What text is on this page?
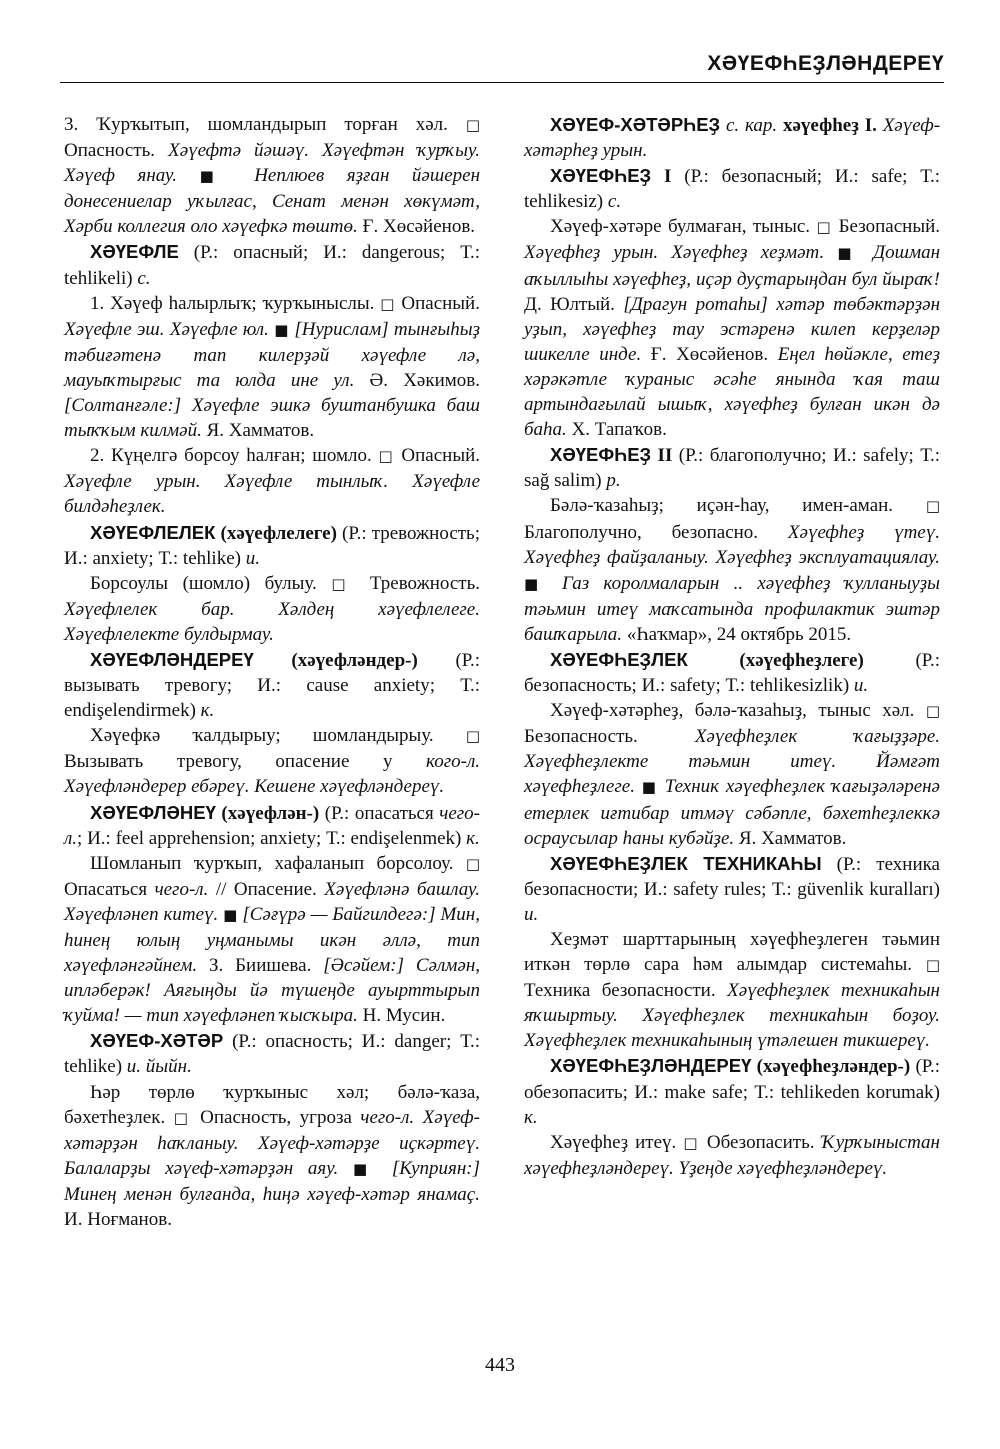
ХӘҮЕФҺЕҘЛӘНДЕРЕҮ

3. Ҡурҡытып, шомландырып торған хәл. □ Опасность. Хәүефтә йәшәү. Хәүефтән ҡурҡыу. Хәүеф янау. ■ Неплюев яҙған йәшерен донесениелар уҡылғас, Сенат менән хөкүмәт, Хәрби коллегия оло хәүефкә төштө. Ғ. Хөсәйенов.

ХӘҮЕФЛЕ (Р.: опасный; И.: dangerous; Т.: tehlikeli) с.

1. Хәүеф һалырлыҡ; ҡурҡыныслы. □ Опасный. Хәүефле эш. Хәүефле юл. ■ [Нурислам] тынғыһыҙ тәбиғәтенә тап килерҙәй хәүефле лә, мауыҡтырғыс та юлда ине ул. Ә. Хәкимов. [Солтанғәле:] Хәүефле эшкә буштанбушка баш тыҡҡым килмәй. Я. Хамматов.

2. Күңелгә борсоу һалған; шомло. □ Опасный. Хәүефле урын. Хәүефле тынлыҡ. Хәүефле билдәһеҙлек.

ХӘҮЕФЛЕЛЕК (хәүефлелеге) (Р.: тревожность; И.: anxiety; Т.: tehlike) и.

Борсоулы (шомло) булыу. □ Тревожность. Хәүефлелек бар. Хәлдең хәүефлелеге. Хәүефлелекте булдырмау.

ХӘҮЕФЛӘНДЕРЕҮ (хәүефләндер-) (Р.: вызывать тревогу; И.: cause anxiety; Т.: endişelendirmek) к.

Хәүефкә ҡалдырыу; шомландырыу. □ Вызывать тревогу, опасение у кого-л. Хәүефләндерер ебәреү. Кешене хәүефләндереү.

ХӘҮЕФЛӘНЕҮ (хәүефлән-) (Р.: опасаться чего-л.; И.: feel apprehension; anxiety; Т.: endişelenmek) к.

Шомланып ҡурҡып, хафаланып борсолоу. □ Опасаться чего-л. // Опасение. Хәүефләнә башлау. Хәүефләнеп китеү. ■ [Сәғүрә — Байгилдегә:] Мин, һинең юлың уңманымы икән әллә, тип хәүефләнгәйнем. З. Биишева. [Әсәйем:] Сәлмән, ипләберәк! Аяғыңды йә түшеңде ауырттырып ҡуйма! — тип хәүефләнеп ҡысҡыра. Н. Мусин.

ХӘҮЕФ-ХӘТӘР (Р.: опасность; И.: danger; Т.: tehlike) и. йыйн.

Һәр төрлө ҡурҡыныс хәл; бәлә-ҡаза, бәхетһеҙлек. □ Опасность, угроза чего-л. Хәүеф-хәтәрҙән һаҡланыу. Хәүеф-хәтәрҙе иҫкәртеү. Балаларҙы хәүеф-хәтәрҙән аяу. ■ [Куприян:] Минең менән булғанда, һиңә хәүеф-хәтәр янамаҫ. И. Ноғманов.

ХӘҮЕФ-ХӘТӘРҺЕҘ с. кар. хәүефһеҙ I. Хәүеф-хәтәрһеҙ урын.

ХӘҮЕФҺЕҘ I (Р.: безопасный; И.: safe; Т.: tehlikesiz) с.

Хәүеф-хәтәре булмаған, тыныс. □ Безопасный. Хәүефһеҙ урын. Хәүефһеҙ хеҙмәт. ■ Дошман аҡыллыһы хәүефһеҙ, иҫәр дуҫтарыңдан бул йыраҡ! Д. Юлтый. [Драгун ротаһы] хәтәр төбәктәрҙән уҙып, хәүефһеҙ тау эстәренә килеп керҙеләр шикелле инде. Ғ. Хөсәйенов. Еңел һөйәкле, етеҙ хәрәкәтле ҡураныс әсәһе янында ҡая таш артындағылай ышыҡ, хәүефһеҙ булған икән дә баһа. Х. Тапаҡов.

ХӘҮЕФҺЕҘ II (Р.: благополучно; И.: safely; Т.: sağ salim) р.

Бәлә-ҡазаһыҙ; иҫән-һау, имен-аман. □ Благополучно, безопасно. Хәүефһеҙ үтеү. Хәүефһеҙ файҙаланыу. Хәүефһеҙ эксплуатациялау. ■ Газ королмаларын .. хәүефһеҙ ҡулланыуҙы тәьмин итеү маҡсатында профилактик эштәр башҡарыла. «Һаҡмар», 24 октябрь 2015.

ХӘҮЕФҺЕҘЛЕК (хәүефһеҙлеге) (Р.: безопасность; И.: safety; Т.: tehlikesizlik) и.

Хәүеф-хәтәрһеҙ, бәлә-ҡазаһыҙ, тыныс хәл. □ Безопасность. Хәүефһеҙлек ҡағыҙҙәре. Хәүефһеҙлекте тәьмин итеү. Йәмғәт хәүефһеҙлеге. ■ Техник хәүефһеҙлек ҡағыҙәләренә етерлек иғтибар итмәү сәбәпле, бәхетһеҙлеккә осраусылар һаны кубәйҙе. Я. Хамматов.

ХӘҮЕФҺЕҘЛЕК ТЕХНИКАҺЫ (Р.: техника безопасности; И.: safety rules; Т.: güvenlik kuralları) и.

Хеҙмәт шарттарының хәүефһеҙлеген тәьмин иткән төрлө сара һәм алымдар системаһы. □ Техника безопасности. Хәүефһеҙлек техникаһын яҡшыртыу. Хәүефһеҙлек техникаһын боҙоу. Хәүефһеҙлек техникаһының үтәлешен тикшереү.

ХӘҮЕФҺЕҘЛӘНДЕРЕҮ (хәүефһеҙләндер-) (Р.: обезопасить; И.: make safe; Т.: tehlikeden korumak) к.

Хәүефһеҙ итеү. □ Обезопасить. Ҡурҡыныстан хәүефһеҙләндереү. Үҙеңде хәүефһеҙләндереү.

443
